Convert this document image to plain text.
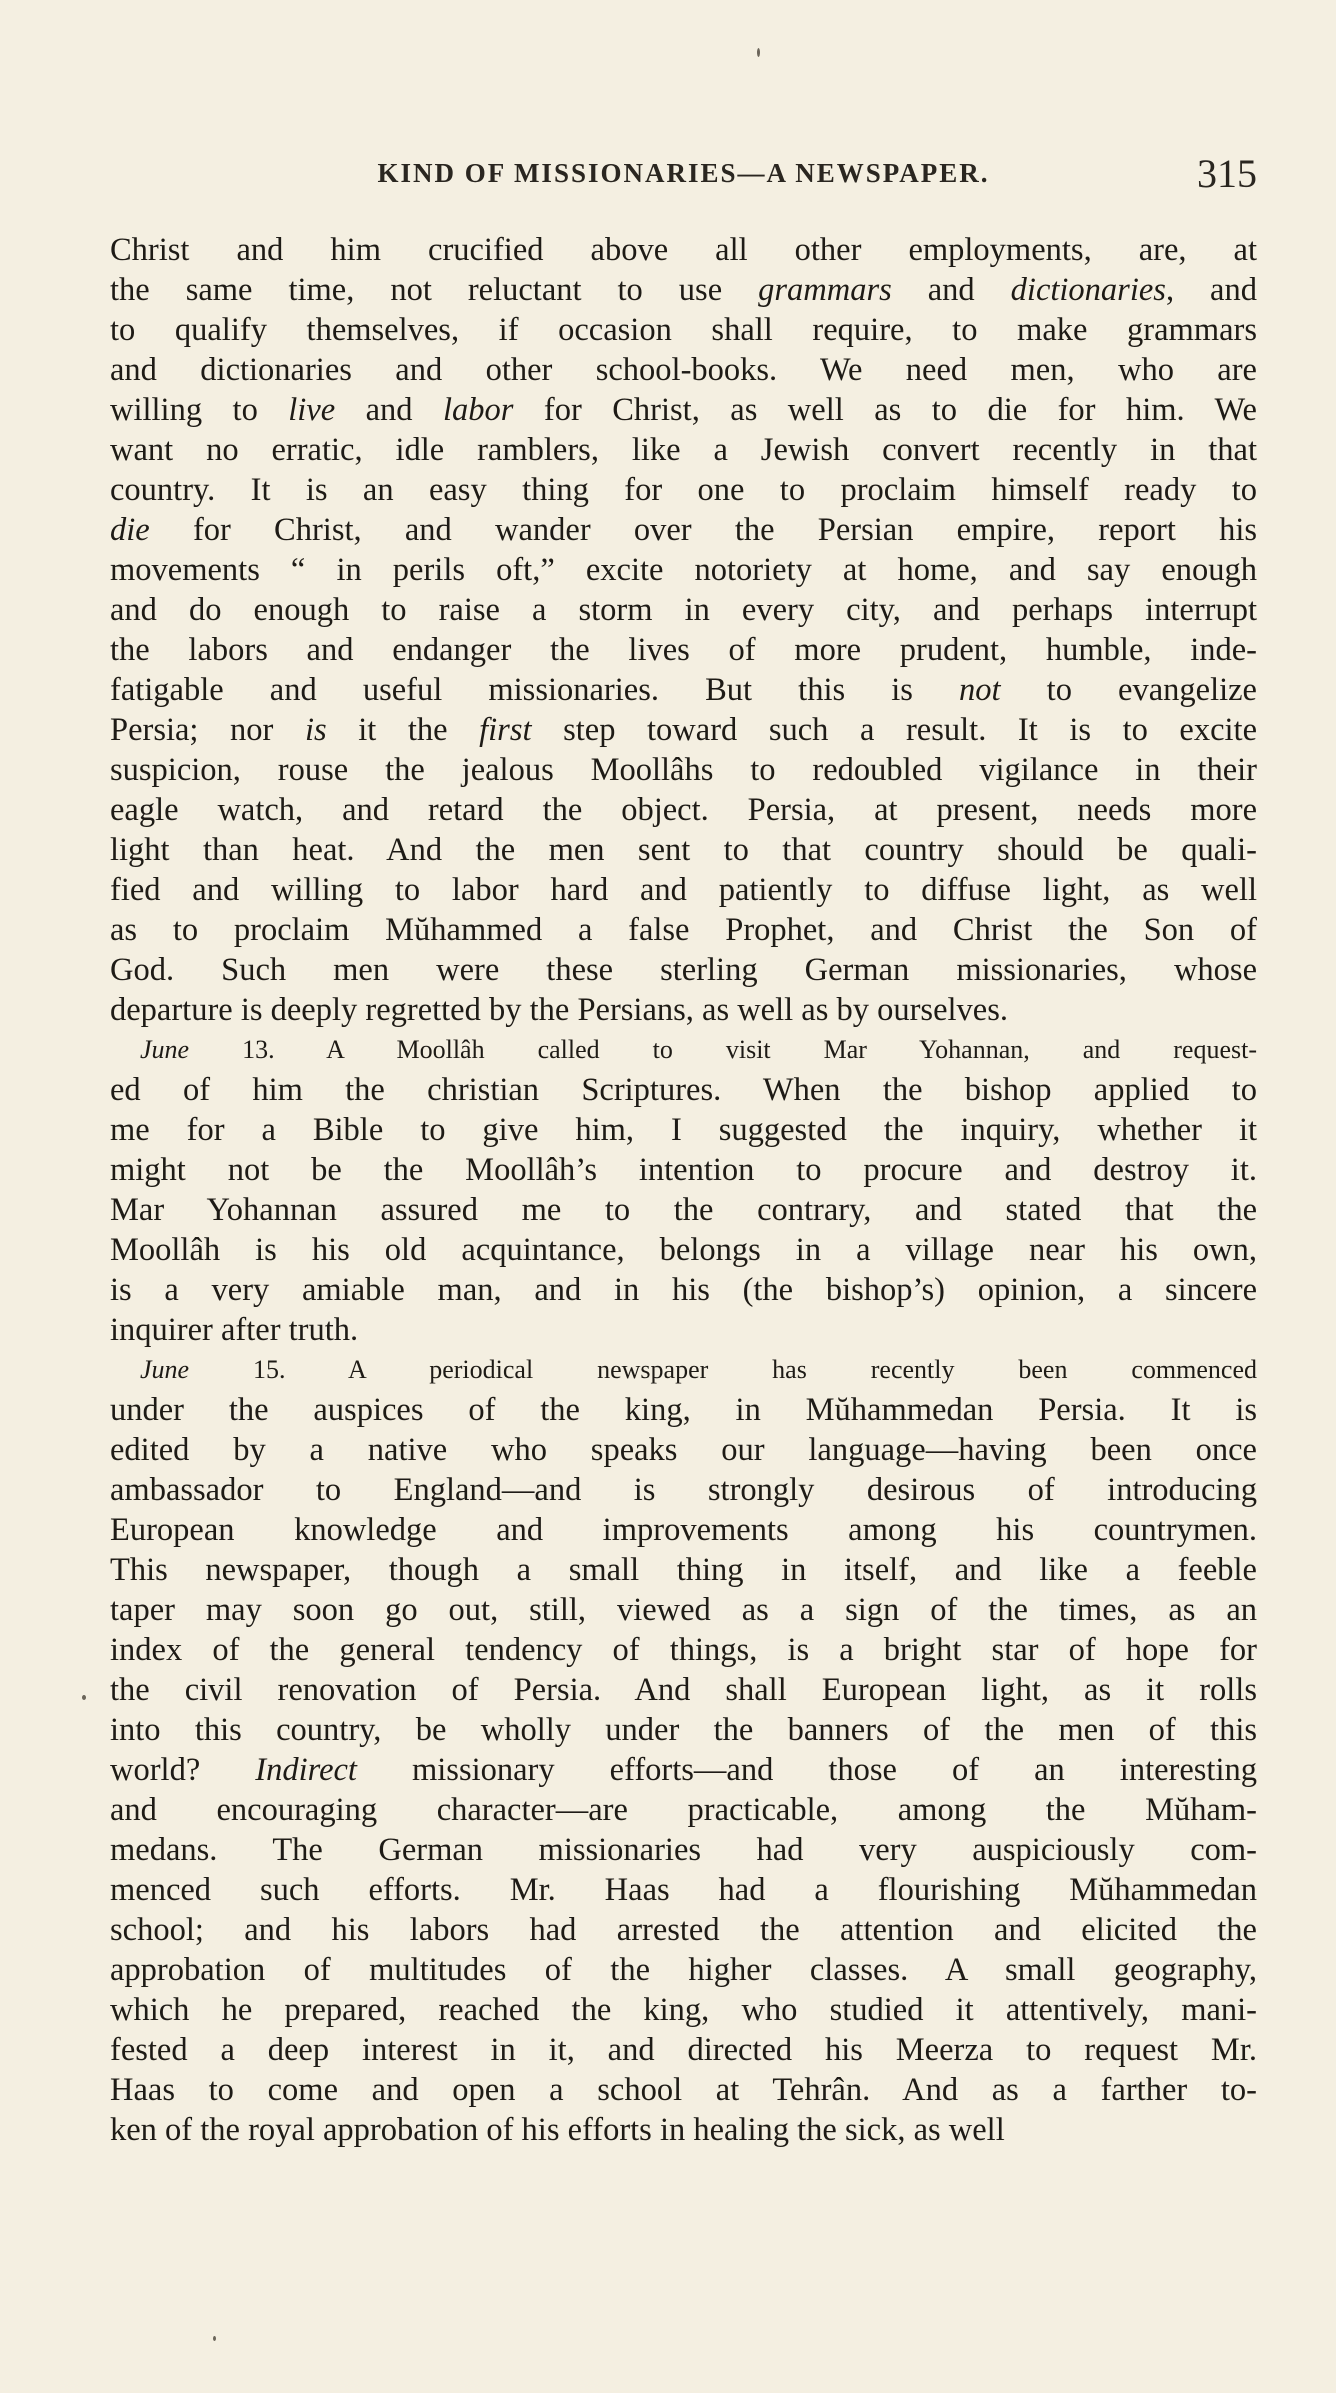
KIND OF MISSIONARIES—A NEWSPAPER.	315
Christ and him crucified above all other employments, are, at
the same time, not reluctant to use grammars and dictionaries, and
to qualify themselves, if occasion shall require, to make grammars
and dictionaries and other school-books. We need men, who are
willing to live and labor for Christ, as well as to die for him. We
want no erratic, idle ramblers, like a Jewish convert recently in that
country. It is an easy thing for one to proclaim himself ready to
die for Christ, and wander over the Persian empire, report his
movements “ in perils oft,” excite notoriety at home, and say enough
and do enough to raise a storm in every city, and perhaps interrupt
the labors and endanger the lives of more prudent, humble, inde-
fatigable and useful missionaries. But this is not to evangelize
Persia; nor is it the first step toward such a result. It is to excite
suspicion, rouse the jealous Moollâhs to redoubled vigilance in their
eagle watch, and retard the object. Persia, at present, needs more
light than heat. And the men sent to that country should be quali-
fied and willing to labor hard and patiently to diffuse light, as well
as to proclaim Mŭhammed a false Prophet, and Christ the Son of
God. Such men were these sterling German missionaries, whose
departure is deeply regretted by the Persians, as well as by ourselves.
June 13. A Moollâh called to visit Mar Yohannan, and request-
ed of him the christian Scriptures. When the bishop applied to
me for a Bible to give him, I suggested the inquiry, whether it
might not be the Moollâh’s intention to procure and destroy it.
Mar Yohannan assured me to the contrary, and stated that the
Moollâh is his old acquintance, belongs in a village near his own,
is a very amiable man, and in his (the bishop’s) opinion, a sincere
inquirer after truth.
June 15. A periodical newspaper has recently been commenced
under the auspices of the king, in Mŭhammedan Persia. It is
edited by a native who speaks our language—having been once
ambassador to England—and is strongly desirous of introducing
European knowledge and improvements among his countrymen.
This newspaper, though a small thing in itself, and like a feeble
taper may soon go out, still, viewed as a sign of the times, as an
index of the general tendency of things, is a bright star of hope for
the civil renovation of Persia. And shall European light, as it rolls
into this country, be wholly under the banners of the men of this
world? Indirect missionary efforts—and those of an interesting
and encouraging character—are practicable, among the Mŭham-
medans. The German missionaries had very auspiciously com-
menced such efforts. Mr. Haas had a flourishing Mŭhammedan
school; and his labors had arrested the attention and elicited the
approbation of multitudes of the higher classes. A small geography,
which he prepared, reached the king, who studied it attentively, mani-
fested a deep interest in it, and directed his Meerza to request Mr.
Haas to come and open a school at Tehrân. And as a farther to-
ken of the royal approbation of his efforts in healing the sick, as well
